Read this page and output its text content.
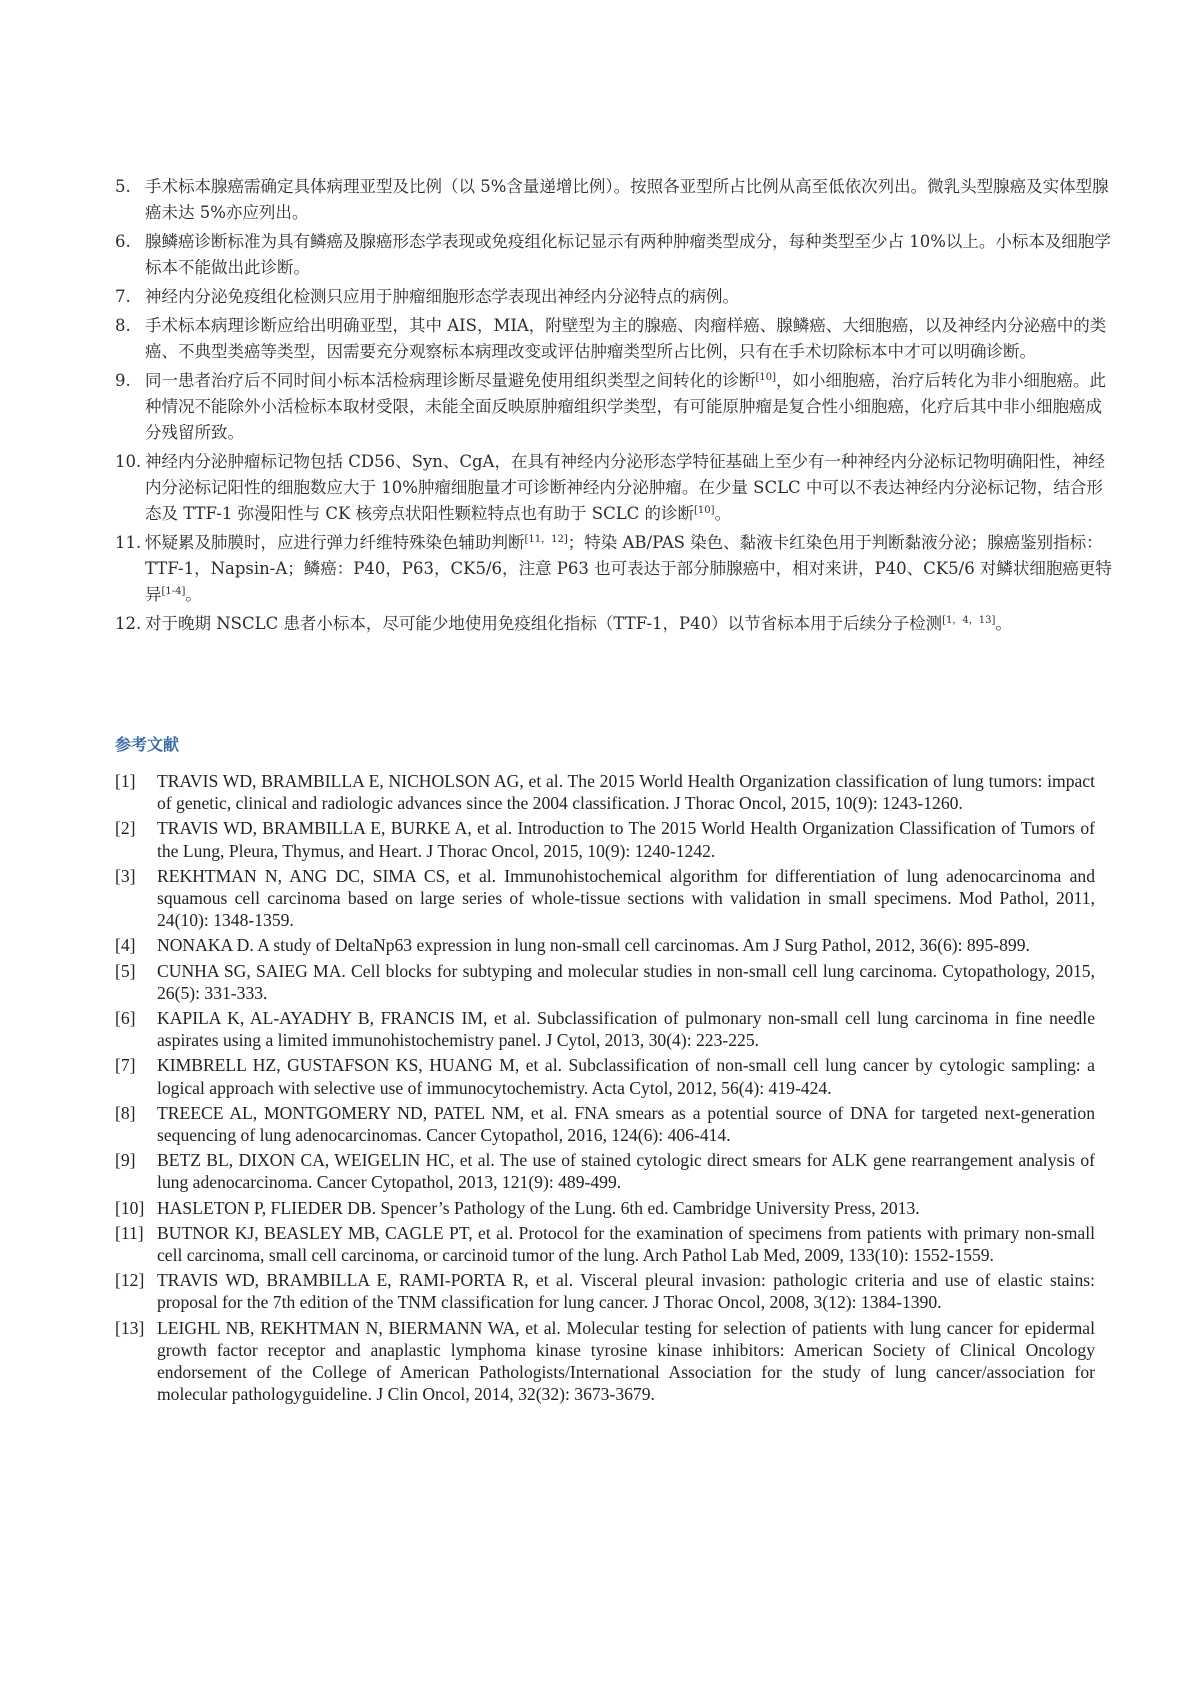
5. 手术标本腺癌需确定具体病理亚型及比例（以 5%含量递增比例）。按照各亚型所占比例从高至低依次列出。微乳头型腺癌及实体型腺癌未达 5%亦应列出。

6. 腺鳞癌诊断标准为具有鳞癌及腺癌形态学表现或免疫组化标记显示有两种肿瘤类型成分，每种类型至少占 10%以上。小标本及细胞学标本不能做出此诊断。

7. 神经内分泌免疫组化检测只应用于肿瘤细胞形态学表现出神经内分泌特点的病例。

8. 手术标本病理诊断应给出明确亚型，其中 AIS，MIA，附壁型为主的腺癌、肉瘤样癌、腺鳞癌、大细胞癌，以及神经内分泌癌中的类癌、不典型类癌等类型，因需要充分观察标本病理改变或评估肿瘤类型所占比例，只有在手术切除标本中才可以明确诊断。

9. 同一患者治疗后不同时间小标本活检病理诊断尽量避免使用组织类型之间转化的诊断[10]，如小细胞癌，治疗后转化为非小细胞癌。此种情况不能除外小活检标本取材受限，未能全面反映原肿瘤组织学类型，有可能原肿瘤是复合性小细胞癌，化疗后其中非小细胞癌成分残留所致。

10. 神经内分泌肿瘤标记物包括 CD56、Syn、CgA，在具有神经内分泌形态学特征基础上至少有一种神经内分泌标记物明确阳性，神经内分泌标记阳性的细胞数应大于 10%肿瘤细胞量才可诊断神经内分泌肿瘤。在少量 SCLC 中可以不表达神经内分泌标记物，结合形态及 TTF-1 弥漫阳性与 CK 核旁点状阳性颗粒特点也有助于 SCLC 的诊断[10]。

11. 怀疑累及肺膜时，应进行弹力纤维特殊染色辅助判断[11，12]；特染 AB/PAS 染色、黏液卡红染色用于判断黏液分泌；腺癌鉴别指标：TTF-1，Napsin-A；鳞癌：P40，P63，CK5/6，注意 P63 也可表达于部分肺腺癌中，相对来讲，P40、CK5/6 对鳞状细胞癌更特异[1-4]。

12. 对于晚期 NSCLC 患者小标本，尽可能少地使用免疫组化指标（TTF-1，P40）以节省标本用于后续分子检测[1，4，13]。

参考文献
[1]	TRAVIS WD, BRAMBILLA E, NICHOLSON AG, et al. The 2015 World Health Organization classification of lung tumors: impact of genetic, clinical and radiologic advances since the 2004 classification. J Thorac Oncol, 2015, 10(9): 1243-1260.
[2]	TRAVIS WD, BRAMBILLA E, BURKE A, et al. Introduction to The 2015 World Health Organization Classification of Tumors of the Lung, Pleura, Thymus, and Heart. J Thorac Oncol, 2015, 10(9): 1240-1242.
[3]	REKHTMAN N, ANG DC, SIMA CS, et al. Immunohistochemical algorithm for differentiation of lung adenocarcinoma and squamous cell carcinoma based on large series of whole-tissue sections with validation in small specimens. Mod Pathol, 2011, 24(10): 1348-1359.
[4]	NONAKA D. A study of DeltaNp63 expression in lung non-small cell carcinomas. Am J Surg Pathol, 2012, 36(6): 895-899.
[5]	CUNHA SG, SAIEG MA. Cell blocks for subtyping and molecular studies in non-small cell lung carcinoma. Cytopathology, 2015, 26(5): 331-333.
[6]	KAPILA K, AL-AYADHY B, FRANCIS IM, et al. Subclassification of pulmonary non-small cell lung carcinoma in fine needle aspirates using a limited immunohistochemistry panel. J Cytol, 2013, 30(4): 223-225.
[7]	KIMBRELL HZ, GUSTAFSON KS, HUANG M, et al. Subclassification of non-small cell lung cancer by cytologic sampling: a logical approach with selective use of immunocytochemistry. Acta Cytol, 2012, 56(4): 419-424.
[8]	TREECE AL, MONTGOMERY ND, PATEL NM, et al. FNA smears as a potential source of DNA for targeted next-generation sequencing of lung adenocarcinomas. Cancer Cytopathol, 2016, 124(6): 406-414.
[9]	BETZ BL, DIXON CA, WEIGELIN HC, et al. The use of stained cytologic direct smears for ALK gene rearrangement analysis of lung adenocarcinoma. Cancer Cytopathol, 2013, 121(9): 489-499.
[10] HASLETON P, FLIEDER DB. Spencer’s Pathology of the Lung. 6th ed. Cambridge University Press, 2013.
[11] BUTNOR KJ, BEASLEY MB, CAGLE PT, et al. Protocol for the examination of specimens from patients with primary non-small cell carcinoma, small cell carcinoma, or carcinoid tumor of the lung. Arch Pathol Lab Med, 2009, 133(10): 1552-1559.
[12] TRAVIS WD, BRAMBILLA E, RAMI-PORTA R, et al. Visceral pleural invasion: pathologic criteria and use of elastic stains: proposal for the 7th edition of the TNM classification for lung cancer. J Thorac Oncol, 2008, 3(12): 1384-1390.
[13] LEIGHL NB, REKHTMAN N, BIERMANN WA, et al. Molecular testing for selection of patients with lung cancer for epidermal growth factor receptor and anaplastic lymphoma kinase tyrosine kinase inhibitors: American Society of Clinical Oncology endorsement of the College of American Pathologists/International Association for the study of lung cancer/association for molecular pathologyguideline. J Clin Oncol, 2014, 32(32): 3673-3679.
